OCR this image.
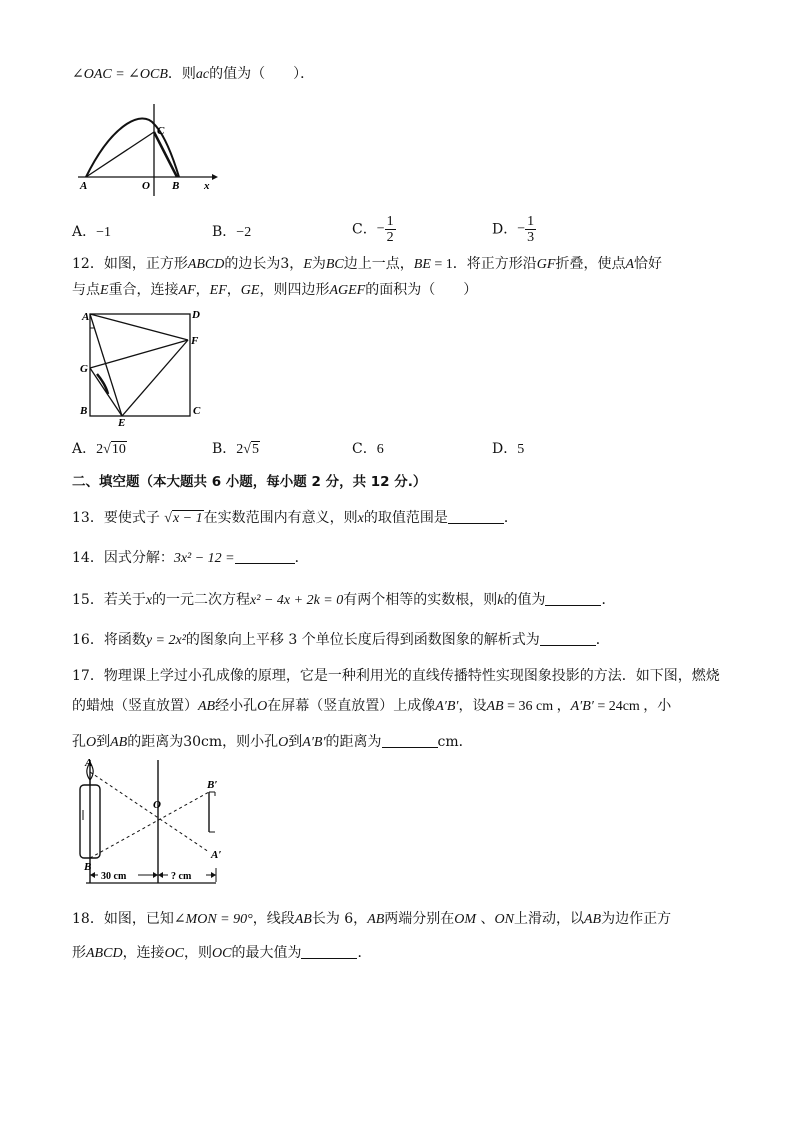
∠OAC = ∠OCB．则ac的值为（　　）．
A	O B
C
x
A．−1	B．−2	C．− $\frac{1}{2}$	D．− $\frac{1}{3}$
12．如图，正方形ABCD的边长为3，E为BC边上一点，BE = 1．将正方形沿GF折叠，使点A恰好
与点E重合，连接AF，EF，GE，则四边形AGEF的面积为（　　）
A	D
F
G
B
E
C
A．2√10	B．2√5	C．6	D．5
二、填空题（本大题共 6 小题，每小题 2 分，共 12 分.）
13．要使式子 √x − 1在实数范围内有意义，则x的取值范围是	．
14．因式分解：3x² − 12 =	．
15．若关于x的一元二次方程x² − 4x + 2k = 0有两个相等的实数根，则k的值为	．
16．将函数y = 2x²的图象向上平移 3 个单位长度后得到函数图象的解析式为	．
17．物理课上学过小孔成像的原理，它是一种利用光的直线传播特性实现图象投影的方法．如下图，燃烧
的蜡烛（竖直放置）AB经小孔O在屏幕（竖直放置）上成像A′B′，设AB = 36 cm ，A′B′ = 24cm ，小
孔O到AB的距离为30cm，则小孔O到A′B′的距离为	cm．
A
B
O
B′
A′
30 cm	? cm
18．如图，已知∠MON = 90°，线段AB长为 6，AB两端分别在OM 、ON上滑动，以AB为边作正方
形ABCD，连接OC，则OC的最大值为	．
